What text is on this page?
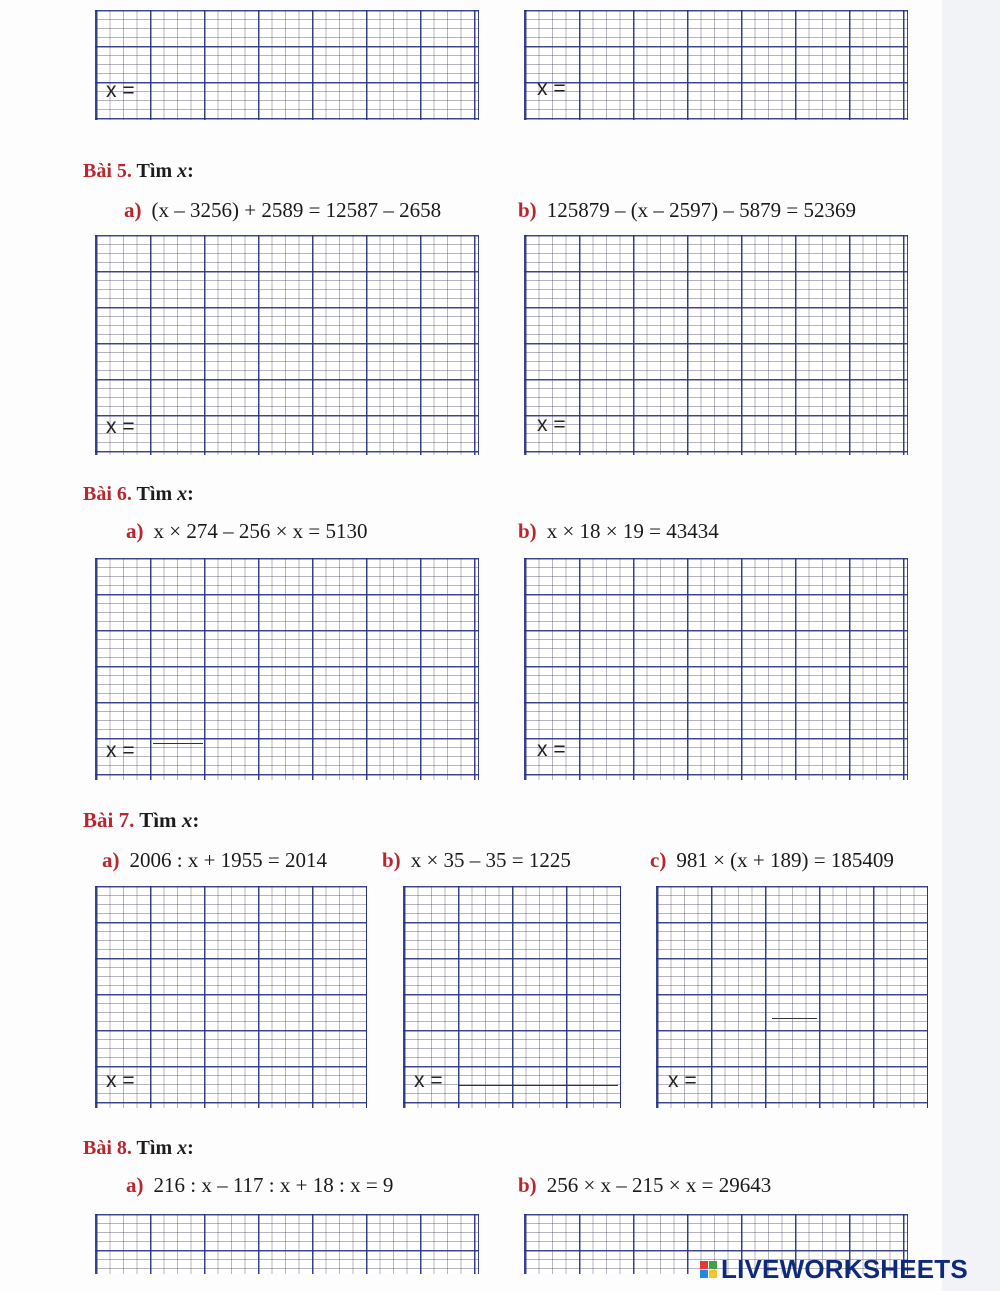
x =	x =
Bài 5. Tìm x:
a) (x – 3256) + 2589 = 12587 – 2658	b) 125879 – (x – 2597) – 5879 = 52369
x =	x =
Bài 6. Tìm x:
a) x × 274 – 256 × x = 5130	b) x × 18 × 19 = 43434
x =	x =
Bài 7. Tìm x:
a) 2006 : x + 1955 = 2014	b) x × 35 – 35 = 1225	c) 981 × (x + 189) = 185409
x =	x =	x =
Bài 8. Tìm x:
a) 216 : x – 117 : x + 18 : x = 9	b) 256 × x – 215 × x = 29643
LIVEWORKSHEETS
